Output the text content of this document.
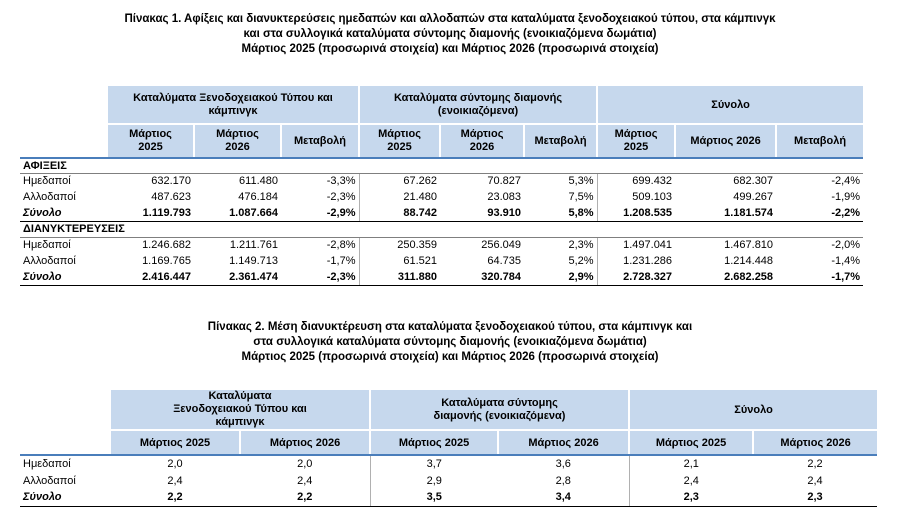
Πίνακας 1. Αφίξεις και διανυκτερεύσεις ημεδαπών και αλλοδαπών στα καταλύματα ξενοδοχειακού τύπου, στα κάμπινγκ
και στα συλλογικά καταλύματα σύντομης διαμονής (ενοικιαζόμενα δωμάτια)
Μάρτιος 2025 (προσωρινά στοιχεία) και Μάρτιος 2026 (προσωρινά στοιχεία)
	Καταλύματα Ξενοδοχειακού Τύπου και κάμπινγκ			Καταλύματα σύντομης διαμονής (ενοικιαζόμενα)			Σύνολο		
	Μάρτιος 2025	Μάρτιος 2026	Μεταβολή	Μάρτιος 2025	Μάρτιος 2026	Μεταβολή	Μάρτιος 2025	Μάρτιος 2026	Μεταβολή
ΑΦΙΞΕΙΣ									
Ημεδαποί	632.170	611.480	-3,3%	67.262	70.827	5,3%	699.432	682.307	-2,4%
Αλλοδαποί	487.623	476.184	-2,3%	21.480	23.083	7,5%	509.103	499.267	-1,9%
Σύνολο	1.119.793	1.087.664	-2,9%	88.742	93.910	5,8%	1.208.535	1.181.574	-2,2%
ΔΙΑΝΥΚΤΕΡΕΥΣΕΙΣ									
Ημεδαποί	1.246.682	1.211.761	-2,8%	250.359	256.049	2,3%	1.497.041	1.467.810	-2,0%
Αλλοδαποί	1.169.765	1.149.713	-1,7%	61.521	64.735	5,2%	1.231.286	1.214.448	-1,4%
Σύνολο	2.416.447	2.361.474	-2,3%	311.880	320.784	2,9%	2.728.327	2.682.258	-1,7%
Πίνακας 2. Μέση διανυκτέρευση στα καταλύματα ξενοδοχειακού τύπου, στα κάμπινγκ και
στα συλλογικά καταλύματα σύντομης διαμονής (ενοικιαζόμενα δωμάτια)
Μάρτιος 2025 (προσωρινά στοιχεία) και Μάρτιος 2026 (προσωρινά στοιχεία)
	Καταλύματα Ξενοδοχειακού Τύπου και κάμπινγκ		Καταλύματα σύντομης διαμονής (ενοικιαζόμενα)		Σύνολο	
	Μάρτιος 2025	Μάρτιος 2026	Μάρτιος 2025	Μάρτιος 2026	Μάρτιος 2025	Μάρτιος 2026
Ημεδαποί	2,0	2,0	3,7	3,6	2,1	2,2
Αλλοδαποί	2,4	2,4	2,9	2,8	2,4	2,4
Σύνολο	2,2	2,2	3,5	3,4	2,3	2,3
